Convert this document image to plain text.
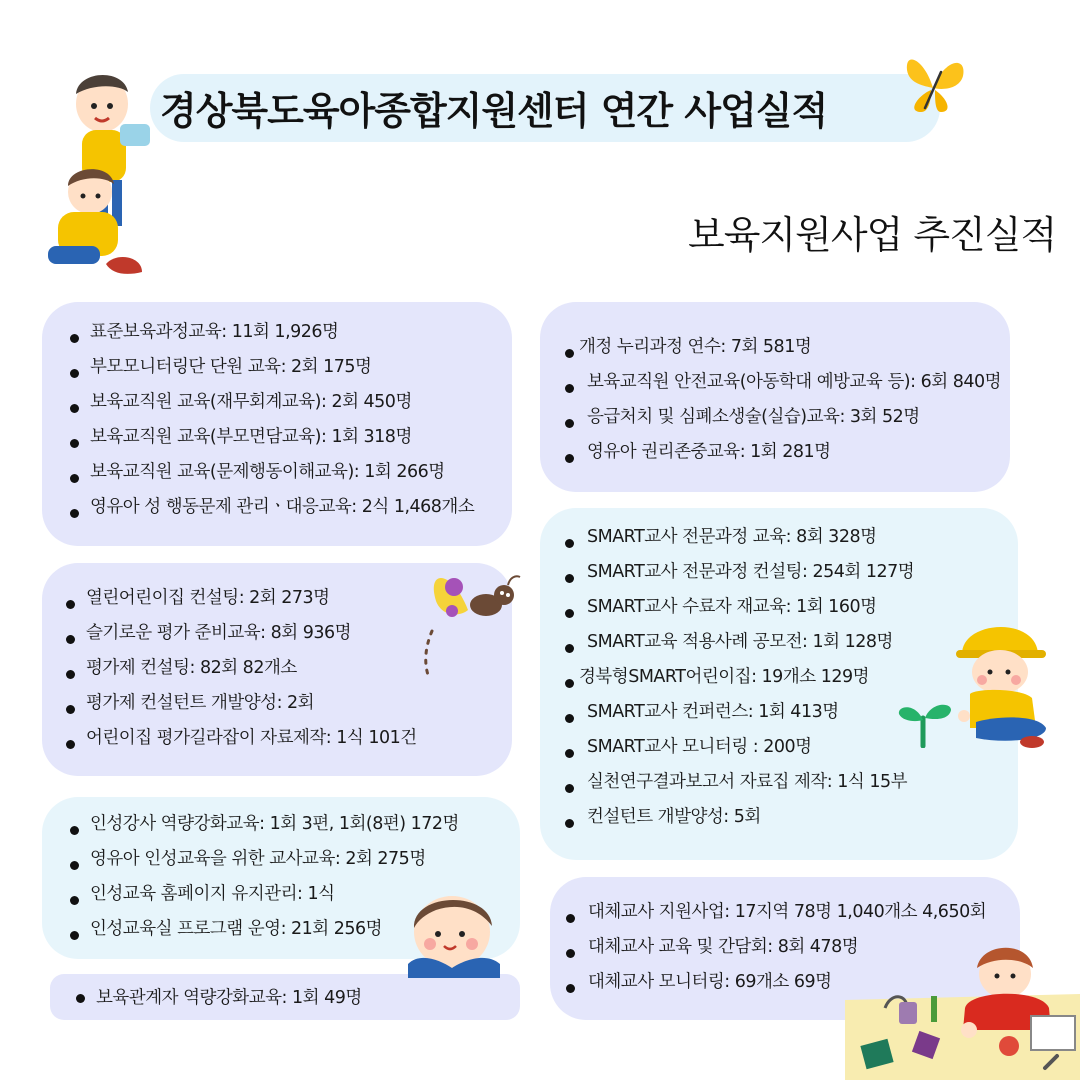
경상북도육아종합지원센터 연간 사업실적
보육지원사업 추진실적
표준보육과정교육: 11회 1,926명
부모모니터링단 단원 교육: 2회 175명
보육교직원 교육(재무회계교육): 2회 450명
보육교직원 교육(부모면담교육): 1회 318명
보육교직원 교육(문제행동이해교육): 1회 266명
영유아 성 행동문제 관리ㆍ대응교육: 2식 1,468개소
열린어린이집 컨설팅: 2회 273명
슬기로운 평가 준비교육: 8회 936명
평가제 컨설팅: 82회 82개소
평가제 컨설턴트 개발양성: 2회
어린이집 평가길라잡이 자료제작: 1식 101건
인성강사 역량강화교육: 1회 3편, 1회(8편) 172명
영유아 인성교육을 위한 교사교육: 2회 275명
인성교육 홈페이지 유지관리: 1식
인성교육실 프로그램 운영: 21회 256명
보육관계자 역량강화교육: 1회 49명
개정 누리과정 연수: 7회 581명
보육교직원 안전교육(아동학대 예방교육 등): 6회 840명
응급처치 및 심폐소생술(실습)교육: 3회 52명
영유아 권리존중교육: 1회 281명
SMART교사 전문과정 교육: 8회 328명
SMART교사 전문과정 컨설팅: 254회 127명
SMART교사 수료자 재교육: 1회 160명
SMART교육 적용사례 공모전: 1회 128명
경북형SMART어린이집: 19개소 129명
SMART교사 컨퍼런스: 1회 413명
SMART교사 모니터링 : 200명
실천연구결과보고서 자료집 제작: 1식 15부
컨설턴트 개발양성: 5회
대체교사 지원사업: 17지역 78명 1,040개소 4,650회
대체교사 교육 및 간담회: 8회 478명
대체교사 모니터링: 69개소 69명
